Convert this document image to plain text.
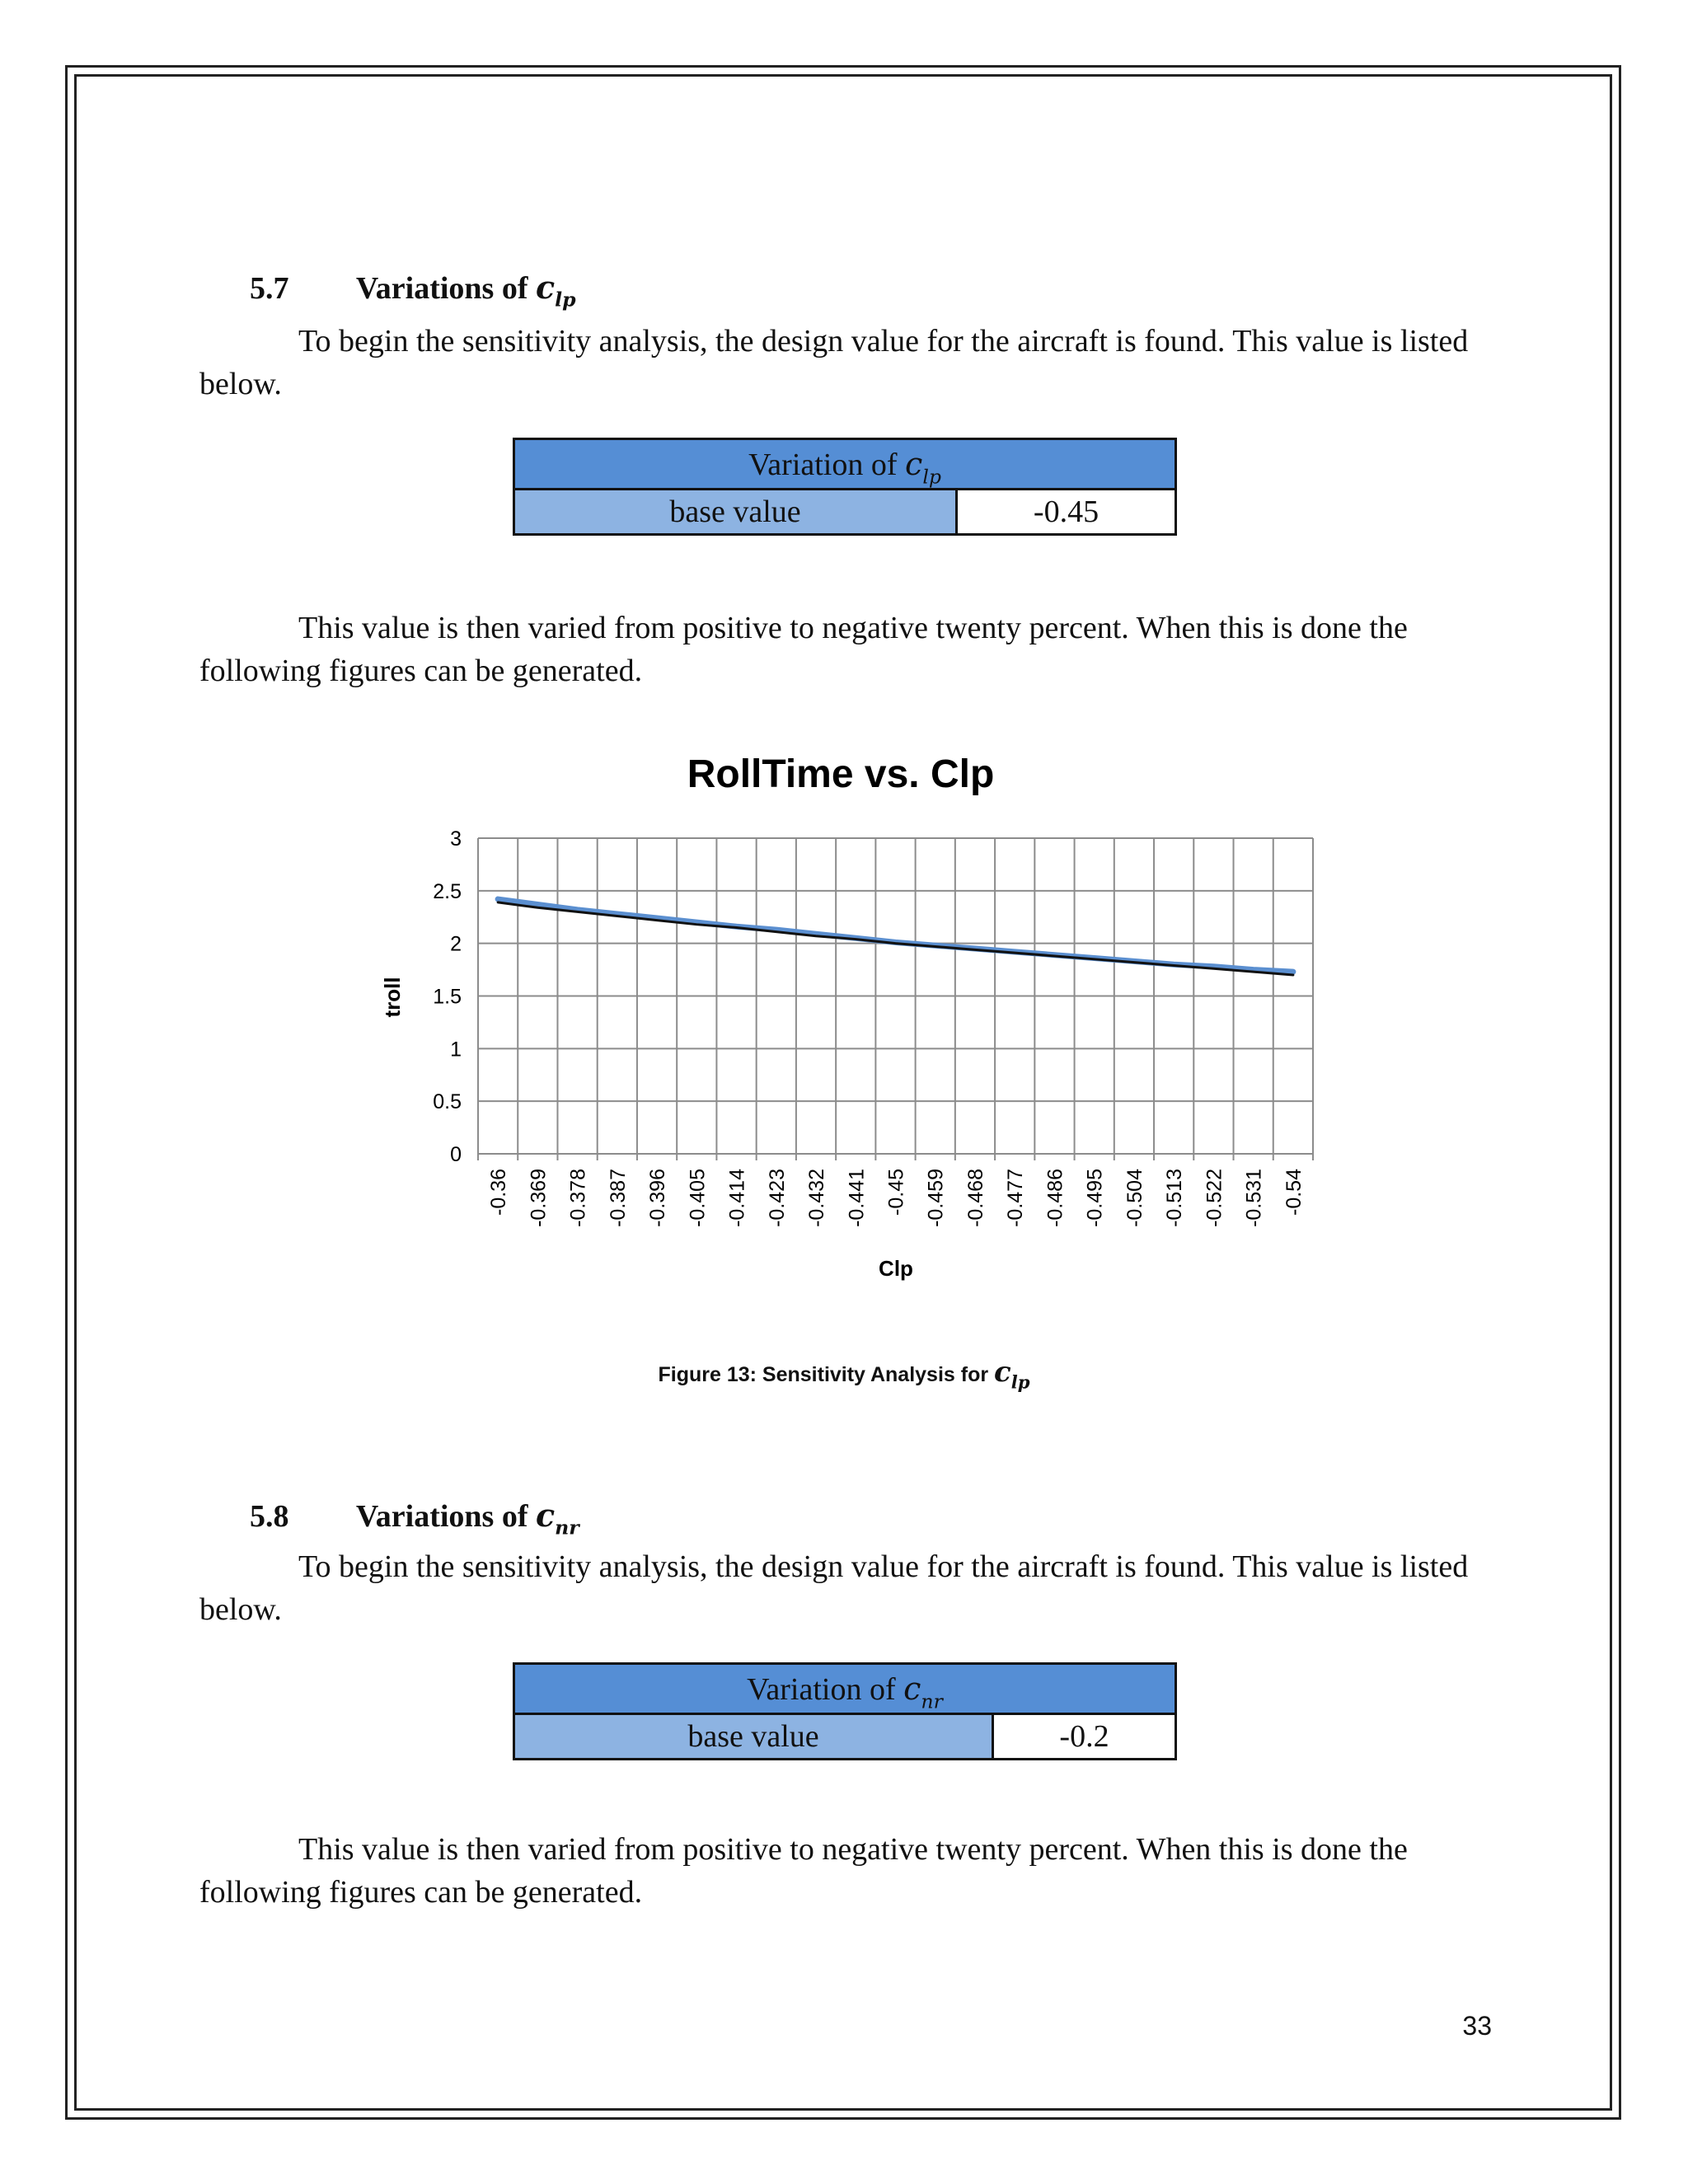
5.7 Variations of $c_{lp}$

To begin the sensitivity analysis, the design value for the aircraft is found. This value is listed below.

Variation of $c_{lp}$
base value	-0.45

This value is then varied from positive to negative twenty percent. When this is done the following figures can be generated.

RollTime vs. Clp
0
0.5
1
1.5
2
2.5
3
-0.36 -0.369 -0.378 -0.387 -0.396 -0.405 -0.414 -0.423 -0.432 -0.441 -0.45 -0.459 -0.468 -0.477 -0.486 -0.495 -0.504 -0.513 -0.522 -0.531 -0.54
troll
Clp
Figure 13: Sensitivity Analysis for $c_{lp}$
5.8 Variations of $c_{nr}$

To begin the sensitivity analysis, the design value for the aircraft is found. This value is listed below.

Variation of $c_{nr}$
base value	-0.2

This value is then varied from positive to negative twenty percent. When this is done the following figures can be generated.

33
